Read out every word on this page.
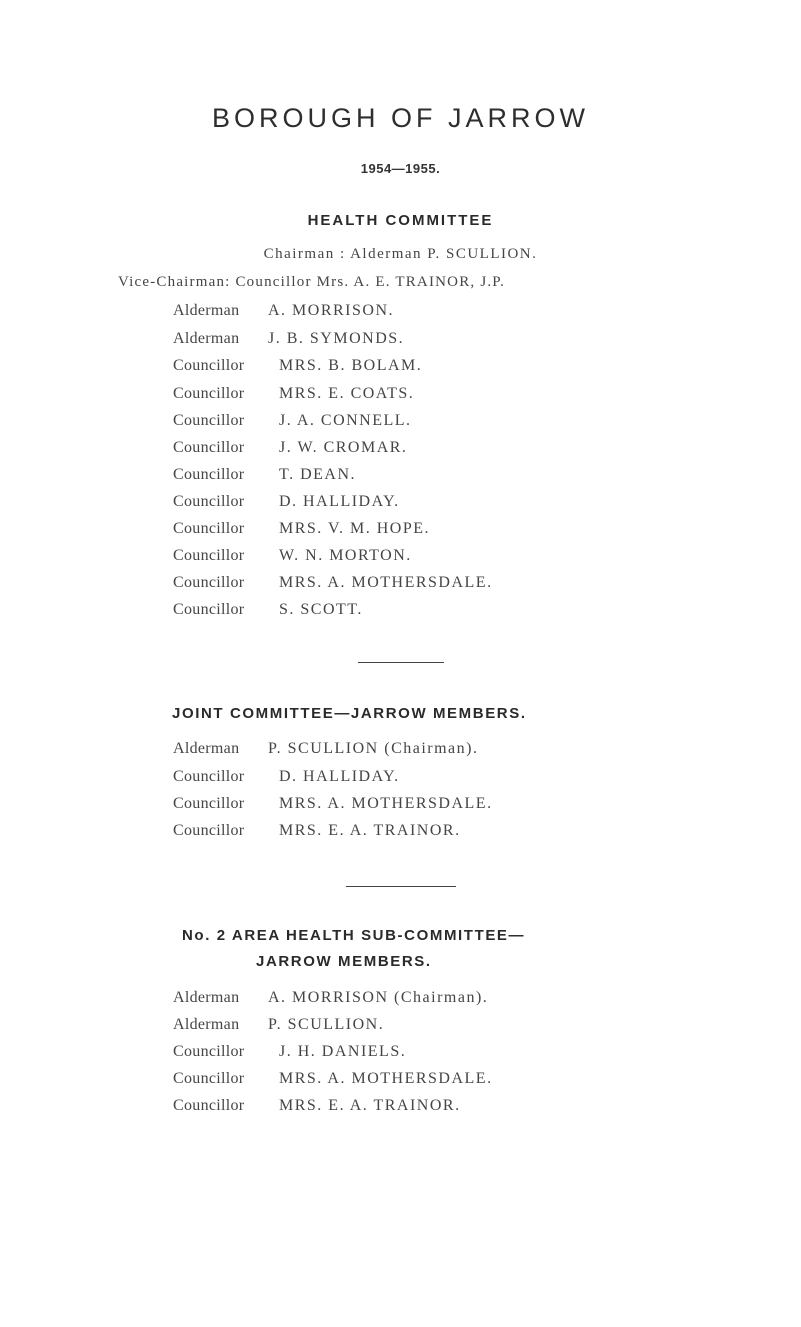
BOROUGH OF JARROW
1954—1955.
HEALTH COMMITTEE
Chairman : Alderman P. SCULLION.
Vice-Chairman: Councillor Mrs. A. E. TRAINOR, J.P.
Alderman A. MORRISON.
Alderman J. B. SYMONDS.
Councillor MRS. B. BOLAM.
Councillor MRS. E. COATS.
Councillor J. A. CONNELL.
Councillor J. W. CROMAR.
Councillor T. DEAN.
Councillor D. HALLIDAY.
Councillor MRS. V. M. HOPE.
Councillor W. N. MORTON.
Councillor MRS. A. MOTHERSDALE.
Councillor S. SCOTT.
JOINT COMMITTEE—JARROW MEMBERS.
Alderman P. SCULLION (Chairman).
Councillor D. HALLIDAY.
Councillor MRS. A. MOTHERSDALE.
Councillor MRS. E. A. TRAINOR.
No. 2 AREA HEALTH SUB-COMMITTEE—
JARROW MEMBERS.
Alderman A. MORRISON (Chairman).
Alderman P. SCULLION.
Councillor J. H. DANIELS.
Councillor MRS. A. MOTHERSDALE.
Councillor MRS. E. A. TRAINOR.
